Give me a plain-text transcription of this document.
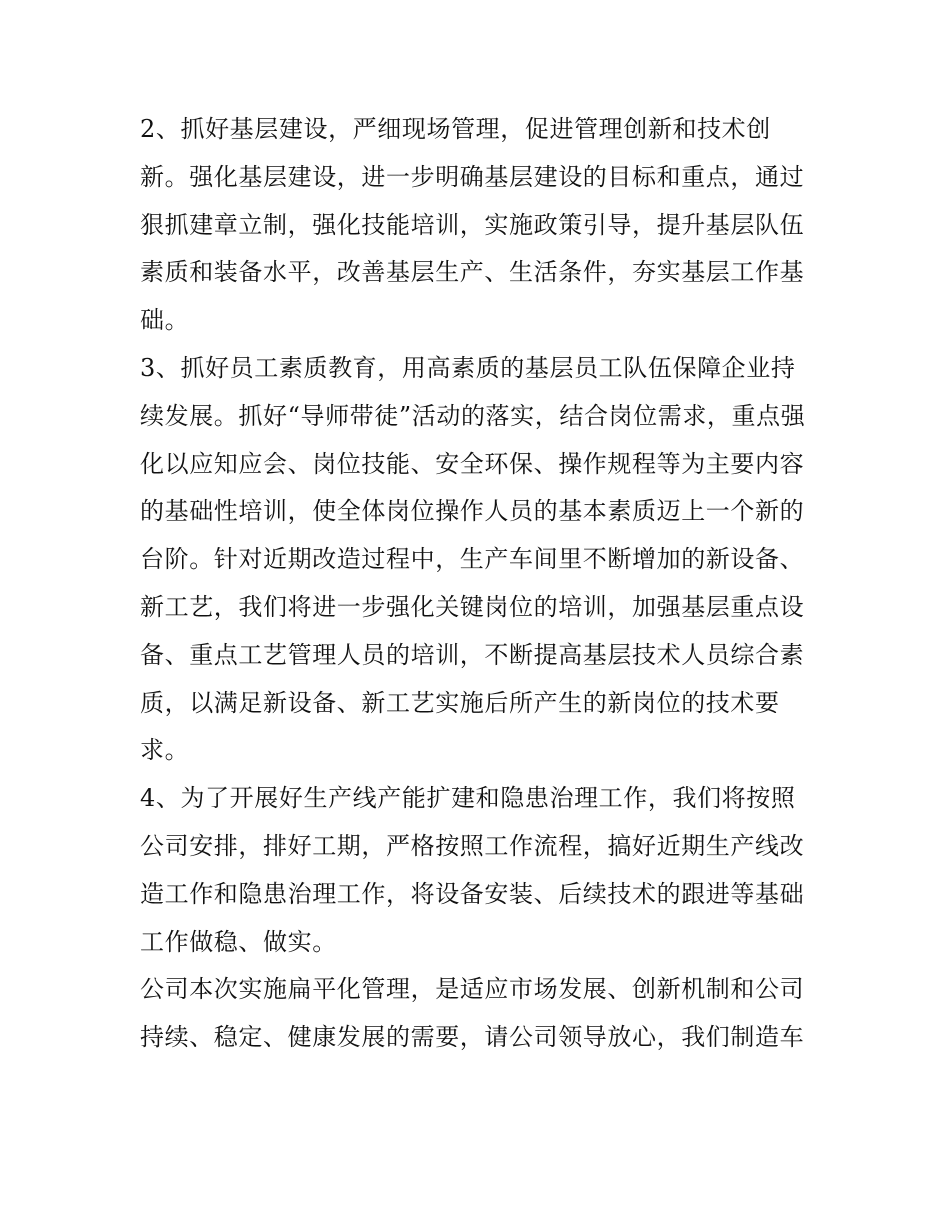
2、抓好基层建设，严细现场管理，促进管理创新和技术创
新。强化基层建设，进一步明确基层建设的目标和重点，通过
狠抓建章立制，强化技能培训，实施政策引导，提升基层队伍
素质和装备水平，改善基层生产、生活条件，夯实基层工作基
础。
3、抓好员工素质教育，用高素质的基层员工队伍保障企业持
续发展。抓好“导师带徒”活动的落实，结合岗位需求，重点强
化以应知应会、岗位技能、安全环保、操作规程等为主要内容
的基础性培训，使全体岗位操作人员的基本素质迈上一个新的
台阶。针对近期改造过程中，生产车间里不断增加的新设备、
新工艺，我们将进一步强化关键岗位的培训，加强基层重点设
备、重点工艺管理人员的培训，不断提高基层技术人员综合素
质，以满足新设备、新工艺实施后所产生的新岗位的技术要
求。
4、为了开展好生产线产能扩建和隐患治理工作，我们将按照
公司安排，排好工期，严格按照工作流程，搞好近期生产线改
造工作和隐患治理工作，将设备安装、后续技术的跟进等基础
工作做稳、做实。
公司本次实施扁平化管理，是适应市场发展、创新机制和公司
持续、稳定、健康发展的需要，请公司领导放心，我们制造车
